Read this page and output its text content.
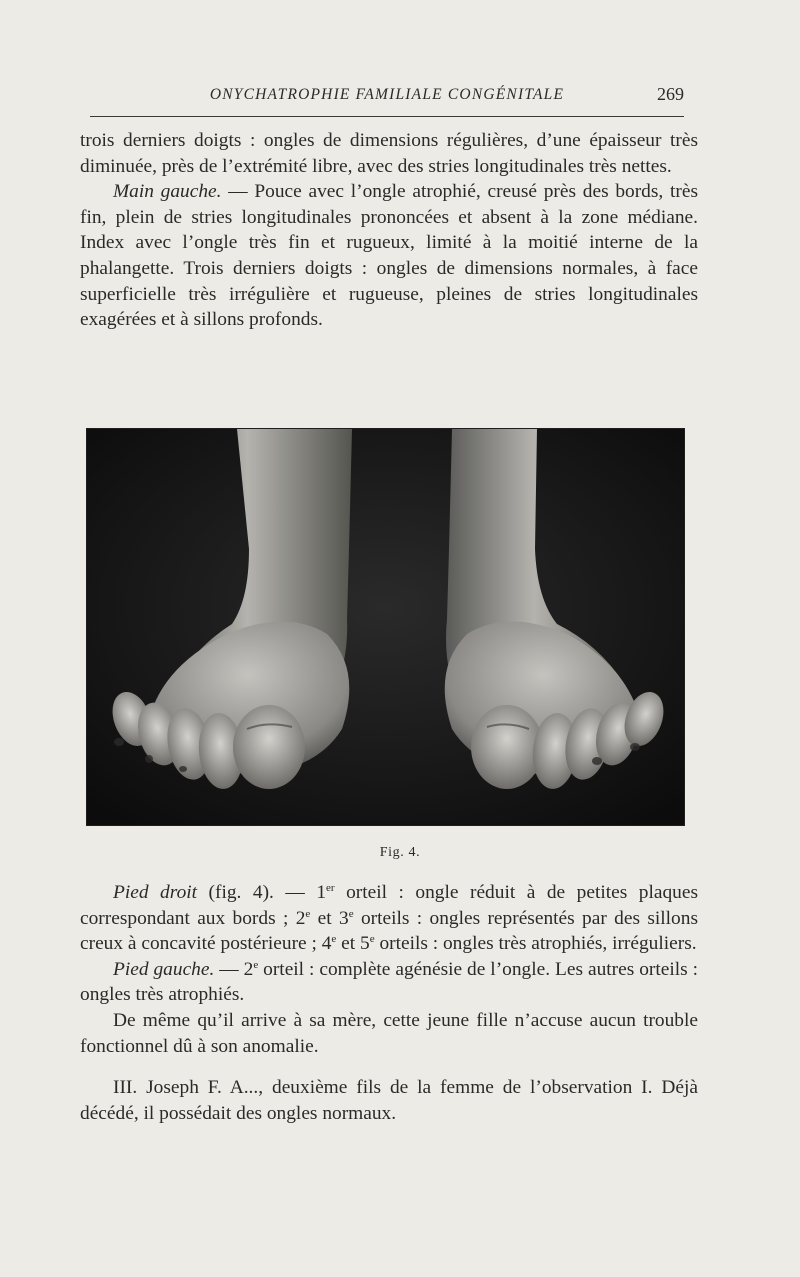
ONYCHATROPHIE FAMILIALE CONGÉNITALE	269

trois derniers doigts : ongles de dimensions régulières, d’une épaisseur très diminuée, près de l’extrémité libre, avec des stries longitudinales très nettes.

Main gauche. — Pouce avec l’ongle atrophié, creusé près des bords, très fin, plein de stries longitudinales prononcées et absent à la zone médiane. Index avec l’ongle très fin et rugueux, limité à la moitié interne de la phalangette. Trois derniers doigts : ongles de dimensions normales, à face superficielle très irrégulière et rugueuse, pleines de stries longitudinales exagérées et à sillons profonds.

Fig. 4.

Pied droit (fig. 4). — 1er orteil : ongle réduit à de petites plaques correspondant aux bords ; 2e et 3e orteils : ongles représentés par des sillons creux à concavité postérieure ; 4e et 5e orteils : ongles très atrophiés, irréguliers.

Pied gauche. — 2e orteil : complète agénésie de l’ongle. Les autres orteils : ongles très atrophiés.

De même qu’il arrive à sa mère, cette jeune fille n’accuse aucun trouble fonctionnel dû à son anomalie.

III. Joseph F. A..., deuxième fils de la femme de l’observation I. Déjà décédé, il possédait des ongles normaux.
